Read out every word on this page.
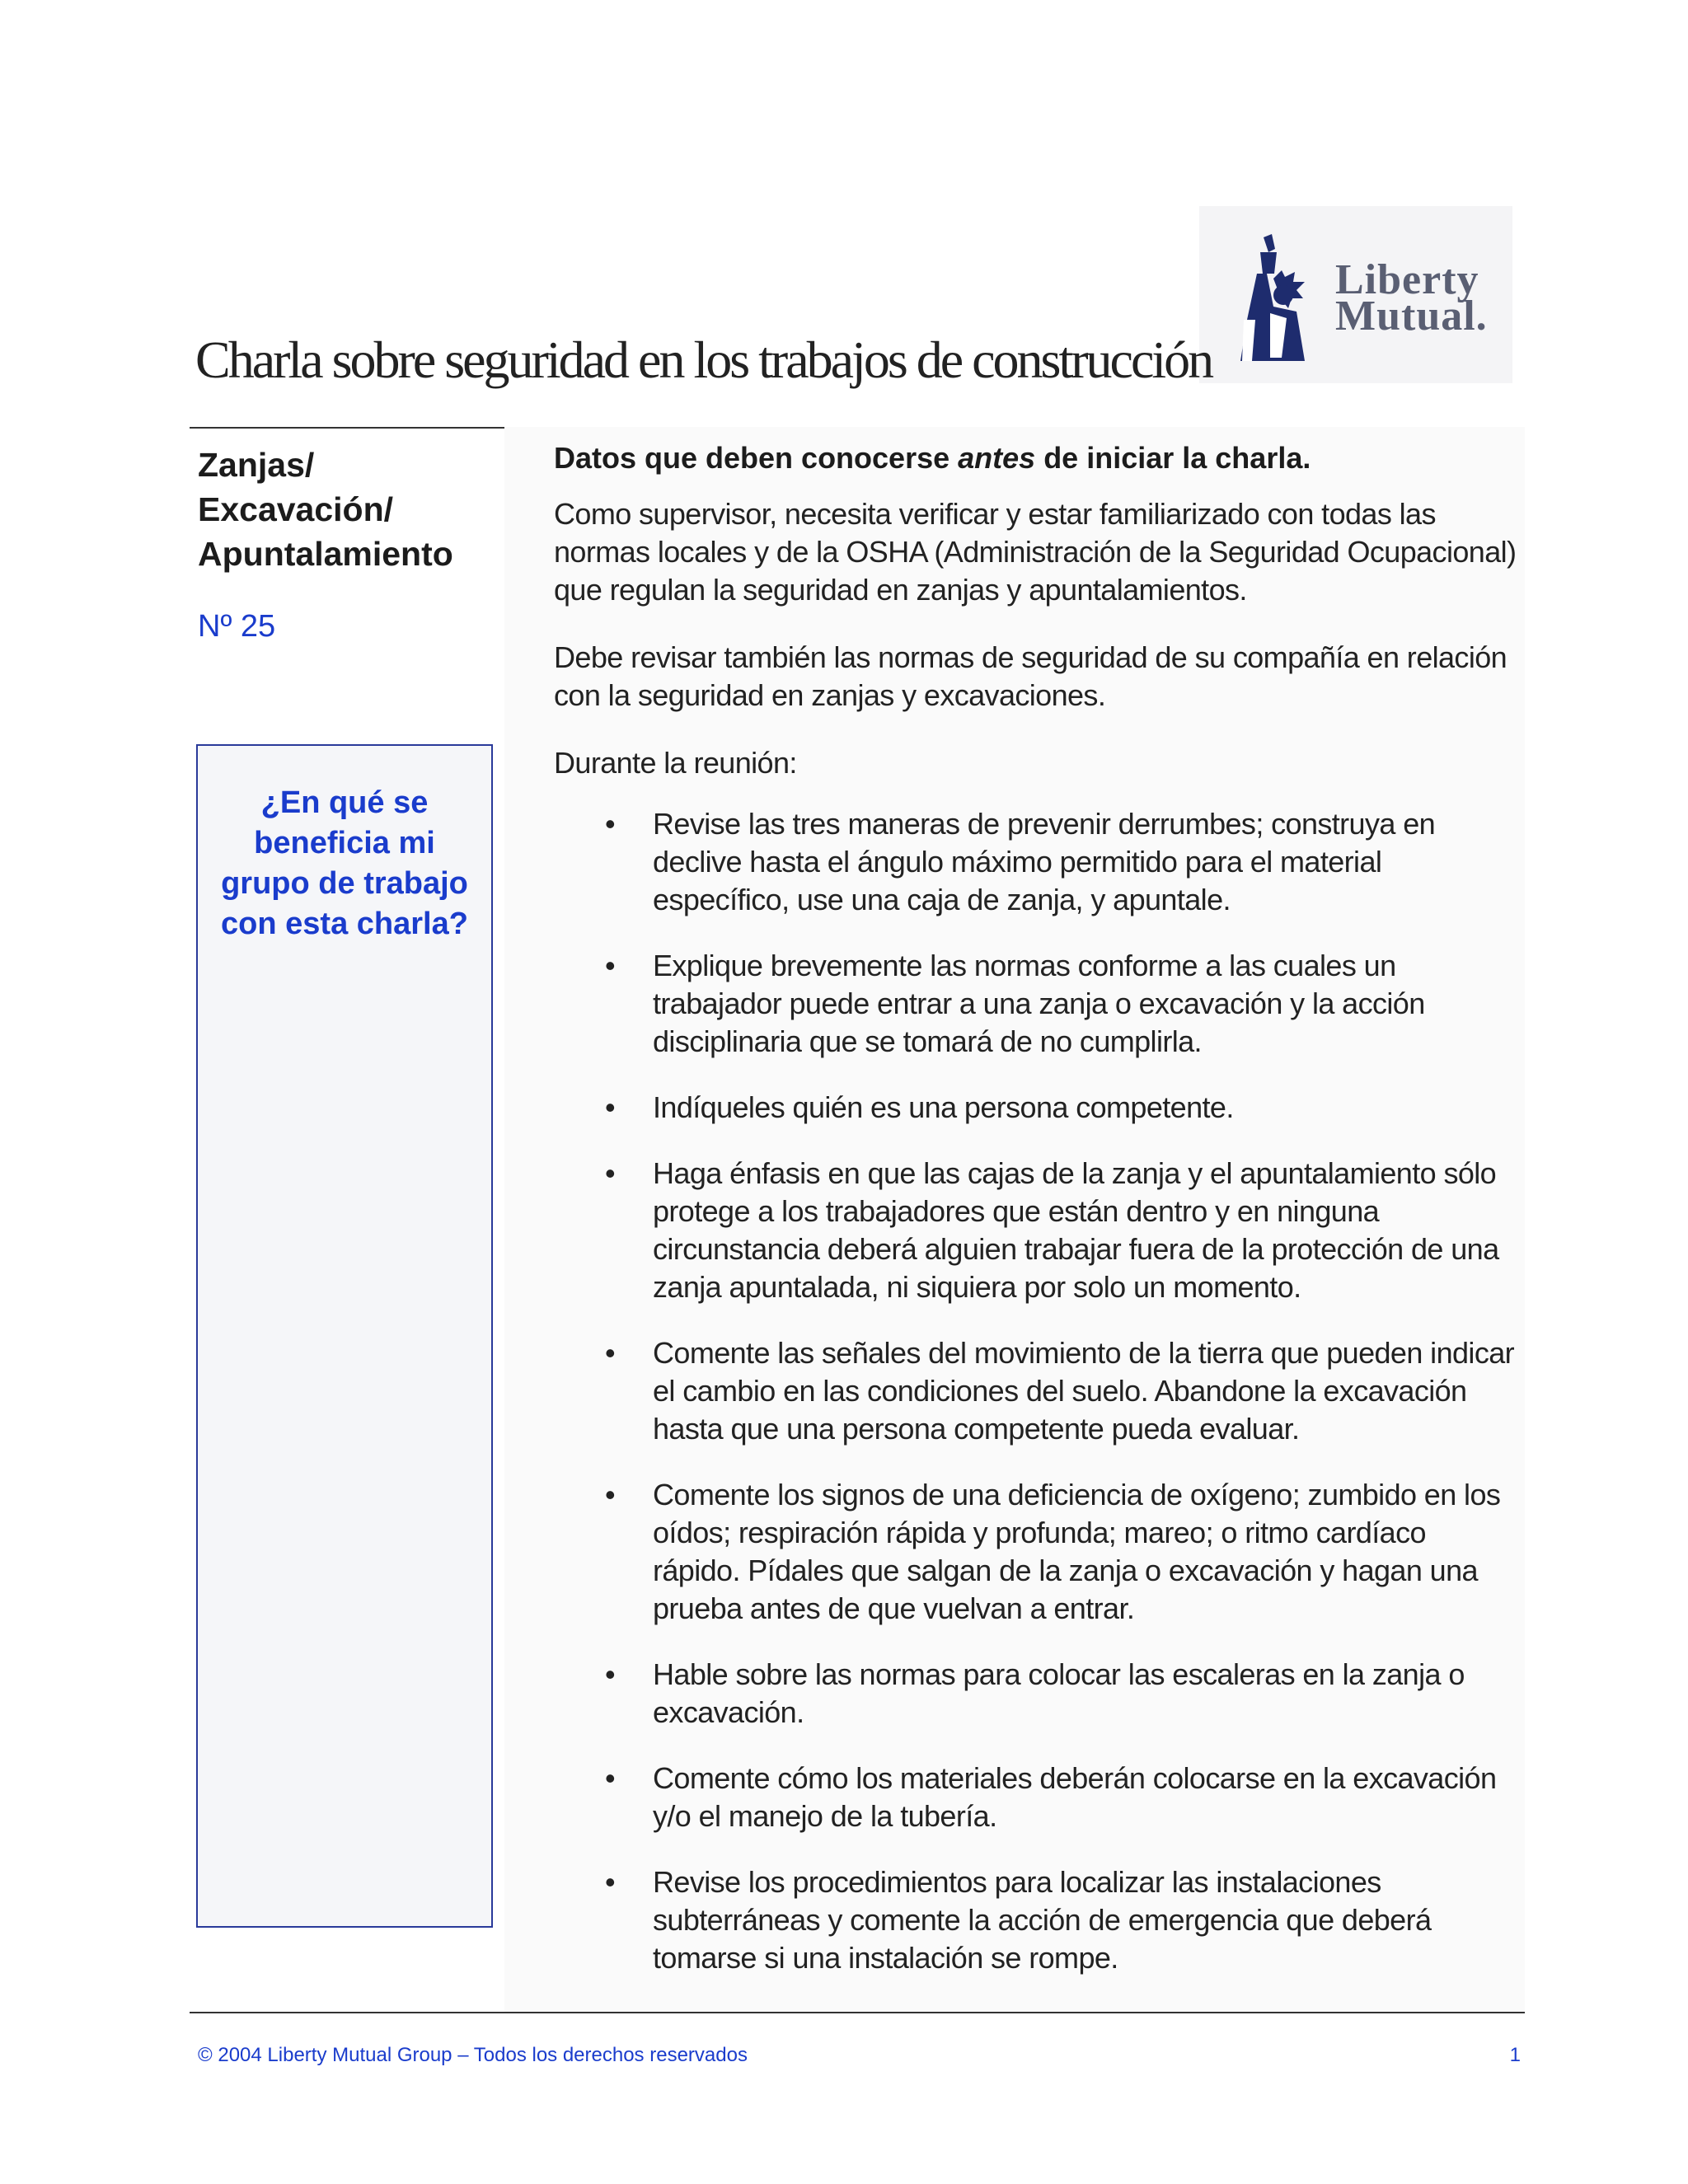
Liberty
Mutual.
Charla sobre seguridad en los trabajos de construcción
Zanjas/
Excavación/
Apuntalamiento
Nº 25
¿En qué se
beneficia mi
grupo de trabajo
con esta charla?
Datos que deben conocerse antes de iniciar la charla.

Como supervisor, necesita verificar y estar familiarizado con todas las normas locales y de la OSHA (Administración de la Seguridad Ocupacional) que regulan la seguridad en zanjas y apuntalamientos.

Debe revisar también las normas de seguridad de su compañía en relación con la seguridad en zanjas y excavaciones.

Durante la reunión:

• Revise las tres maneras de prevenir derrumbes; construya en declive hasta el ángulo máximo permitido para el material específico, use una caja de zanja, y apuntale.
• Explique brevemente las normas conforme a las cuales un trabajador puede entrar a una zanja o excavación y la acción disciplinaria que se tomará de no cumplirla.
• Indíqueles quién es una persona competente.
• Haga énfasis en que las cajas de la zanja y el apuntalamiento sólo protege a los trabajadores que están dentro y en ninguna circunstancia deberá alguien trabajar fuera de la protección de una zanja apuntalada, ni siquiera por solo un momento.
• Comente las señales del movimiento de la tierra que pueden indicar el cambio en las condiciones del suelo. Abandone la excavación hasta que una persona competente pueda evaluar.
• Comente los signos de una deficiencia de oxígeno; zumbido en los oídos; respiración rápida y profunda; mareo; o ritmo cardíaco rápido. Pídales que salgan de la zanja o excavación y hagan una prueba antes de que vuelvan a entrar.
• Hable sobre las normas para colocar las escaleras en la zanja o excavación.
• Comente cómo los materiales deberán colocarse en la excavación y/o el manejo de la tubería.
• Revise los procedimientos para localizar las instalaciones subterráneas y comente la acción de emergencia que deberá tomarse si una instalación se rompe.
© 2004 Liberty Mutual Group – Todos los derechos reservados	1
